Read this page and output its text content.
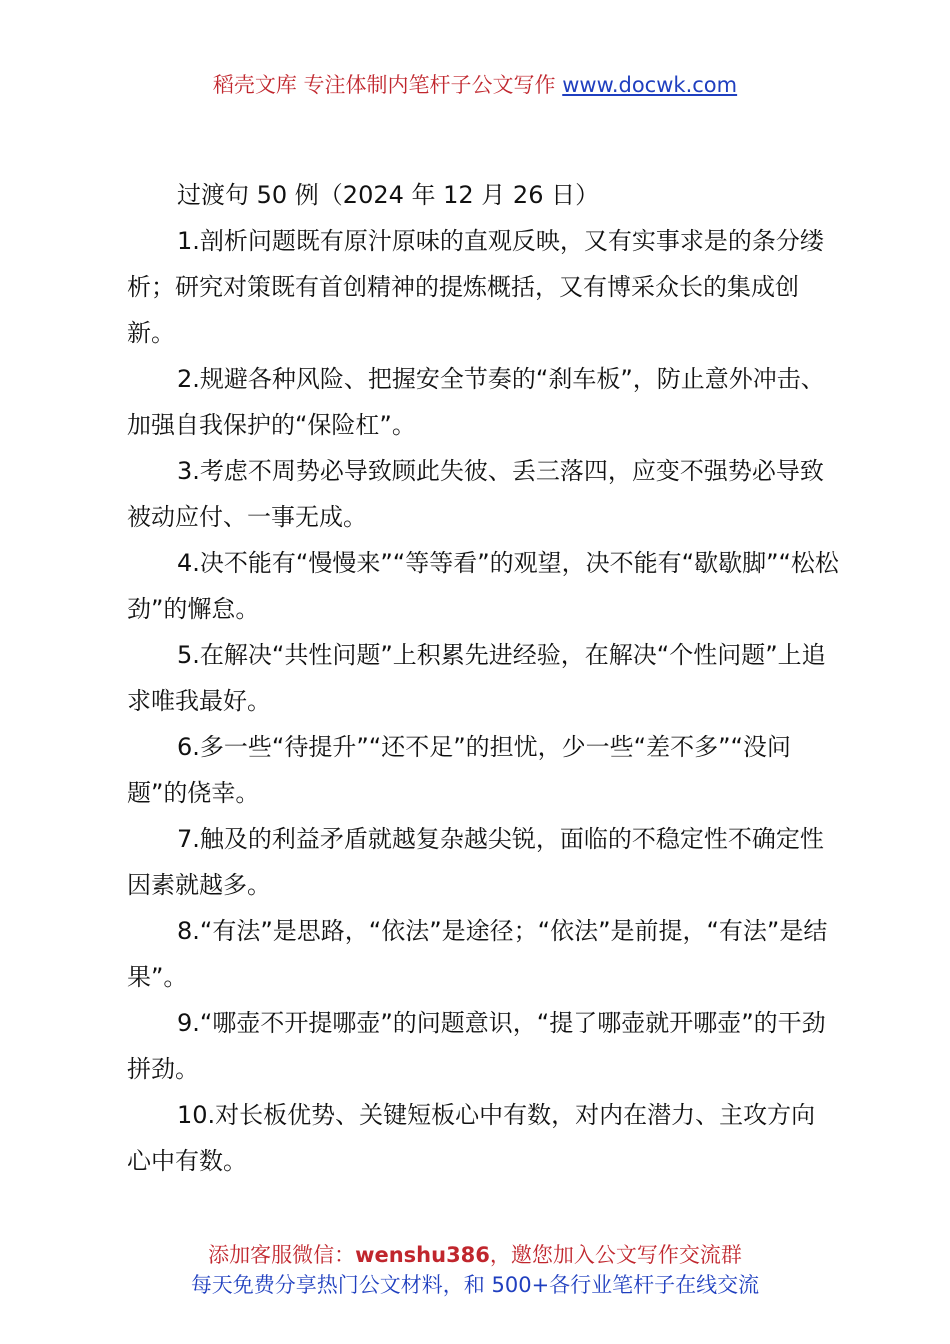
稻壳文库 专注体制内笔杆子公文写作 www.docwk.com

过渡句 50 例（2024 年 12 月 26 日）

1.剖析问题既有原汁原味的直观反映，又有实事求是的条分缕析；研究对策既有首创精神的提炼概括，又有博采众长的集成创新。

2.规避各种风险、把握安全节奏的“刹车板”，防止意外冲击、加强自我保护的“保险杠”。

3.考虑不周势必导致顾此失彼、丢三落四，应变不强势必导致被动应付、一事无成。

4.决不能有“慢慢来”“等等看”的观望，决不能有“歇歇脚”“松松劲”的懈怠。

5.在解决“共性问题”上积累先进经验，在解决“个性问题”上追求唯我最好。

6.多一些“待提升”“还不足”的担忧，少一些“差不多”“没问题”的侥幸。

7.触及的利益矛盾就越复杂越尖锐，面临的不稳定性不确定性因素就越多。

8.“有法”是思路，“依法”是途径；“依法”是前提，“有法”是结果”。

9.“哪壶不开提哪壶”的问题意识，“提了哪壶就开哪壶”的干劲拼劲。

10.对长板优势、关键短板心中有数，对内在潜力、主攻方向心中有数。

添加客服微信：wenshu386，邀您加入公文写作交流群
每天免费分享热门公文材料，和 500+各行业笔杆子在线交流
